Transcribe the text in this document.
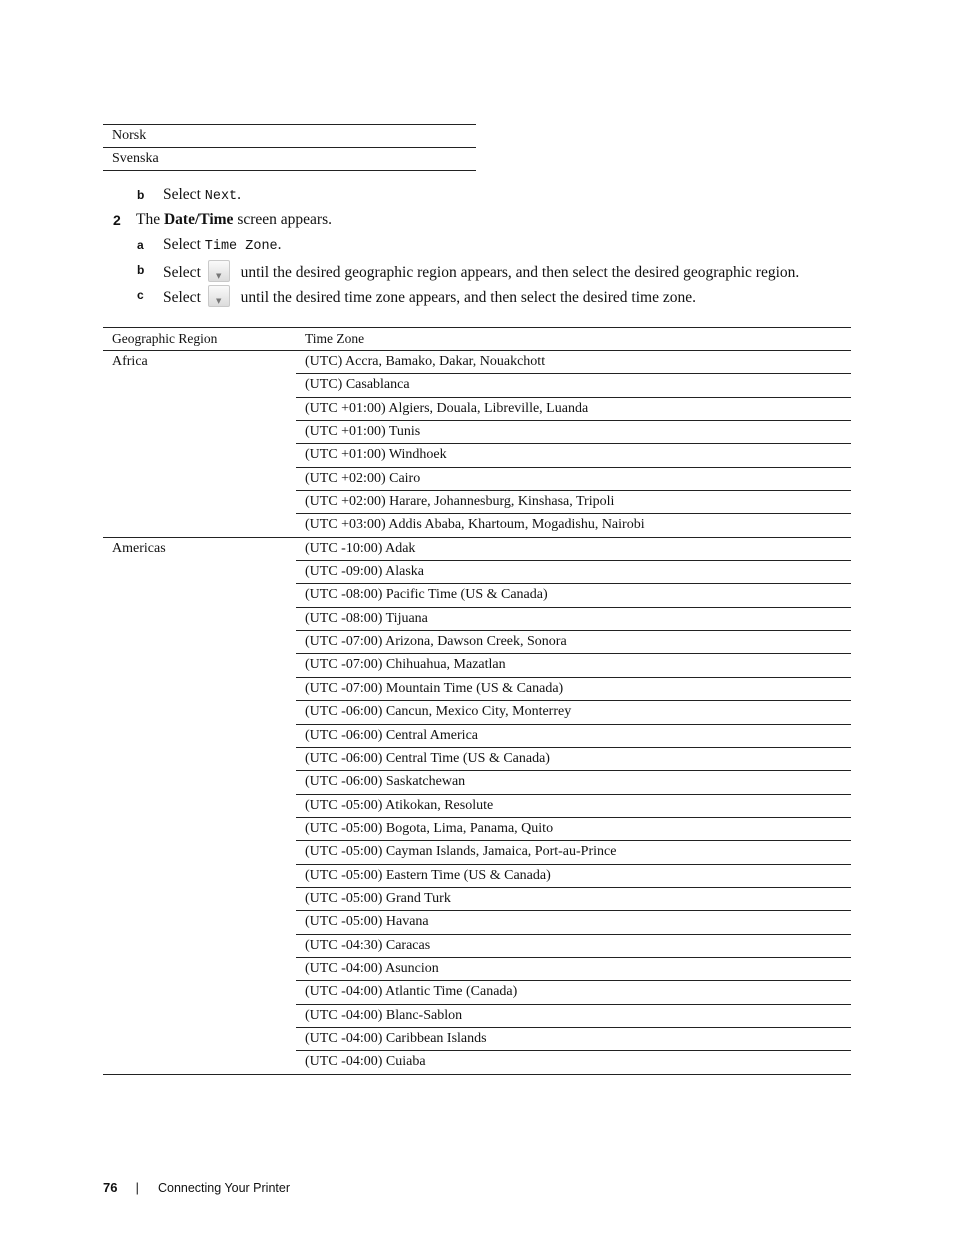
Norsk
Svenska
b Select Next.
2 The Date/Time screen appears.
a Select Time Zone.
b Select	▼	until the desired geographic region appears, and then select the desired geographic region.
c Select	▼	until the desired time zone appears, and then select the desired time zone.
Geographic Region	Time Zone
Africa	(UTC) Accra, Bamako, Dakar, Nouakchott
(UTC) Casablanca
(UTC +01:00) Algiers, Douala, Libreville, Luanda
(UTC +01:00) Tunis
(UTC +01:00) Windhoek
(UTC +02:00) Cairo
(UTC +02:00) Harare, Johannesburg, Kinshasa, Tripoli
(UTC +03:00) Addis Ababa, Khartoum, Mogadishu, Nairobi
Americas	(UTC -10:00) Adak
(UTC -09:00) Alaska
(UTC -08:00) Pacific Time (US & Canada)
(UTC -08:00) Tijuana
(UTC -07:00) Arizona, Dawson Creek, Sonora
(UTC -07:00) Chihuahua, Mazatlan
(UTC -07:00) Mountain Time (US & Canada)
(UTC -06:00) Cancun, Mexico City, Monterrey
(UTC -06:00) Central America
(UTC -06:00) Central Time (US & Canada)
(UTC -06:00) Saskatchewan
(UTC -05:00) Atikokan, Resolute
(UTC -05:00) Bogota, Lima, Panama, Quito
(UTC -05:00) Cayman Islands, Jamaica, Port-au-Prince
(UTC -05:00) Eastern Time (US & Canada)
(UTC -05:00) Grand Turk
(UTC -05:00) Havana
(UTC -04:30) Caracas
(UTC -04:00) Asuncion
(UTC -04:00) Atlantic Time (Canada)
(UTC -04:00) Blanc-Sablon
(UTC -04:00) Caribbean Islands
(UTC -04:00) Cuiaba
76 | Connecting Your Printer
